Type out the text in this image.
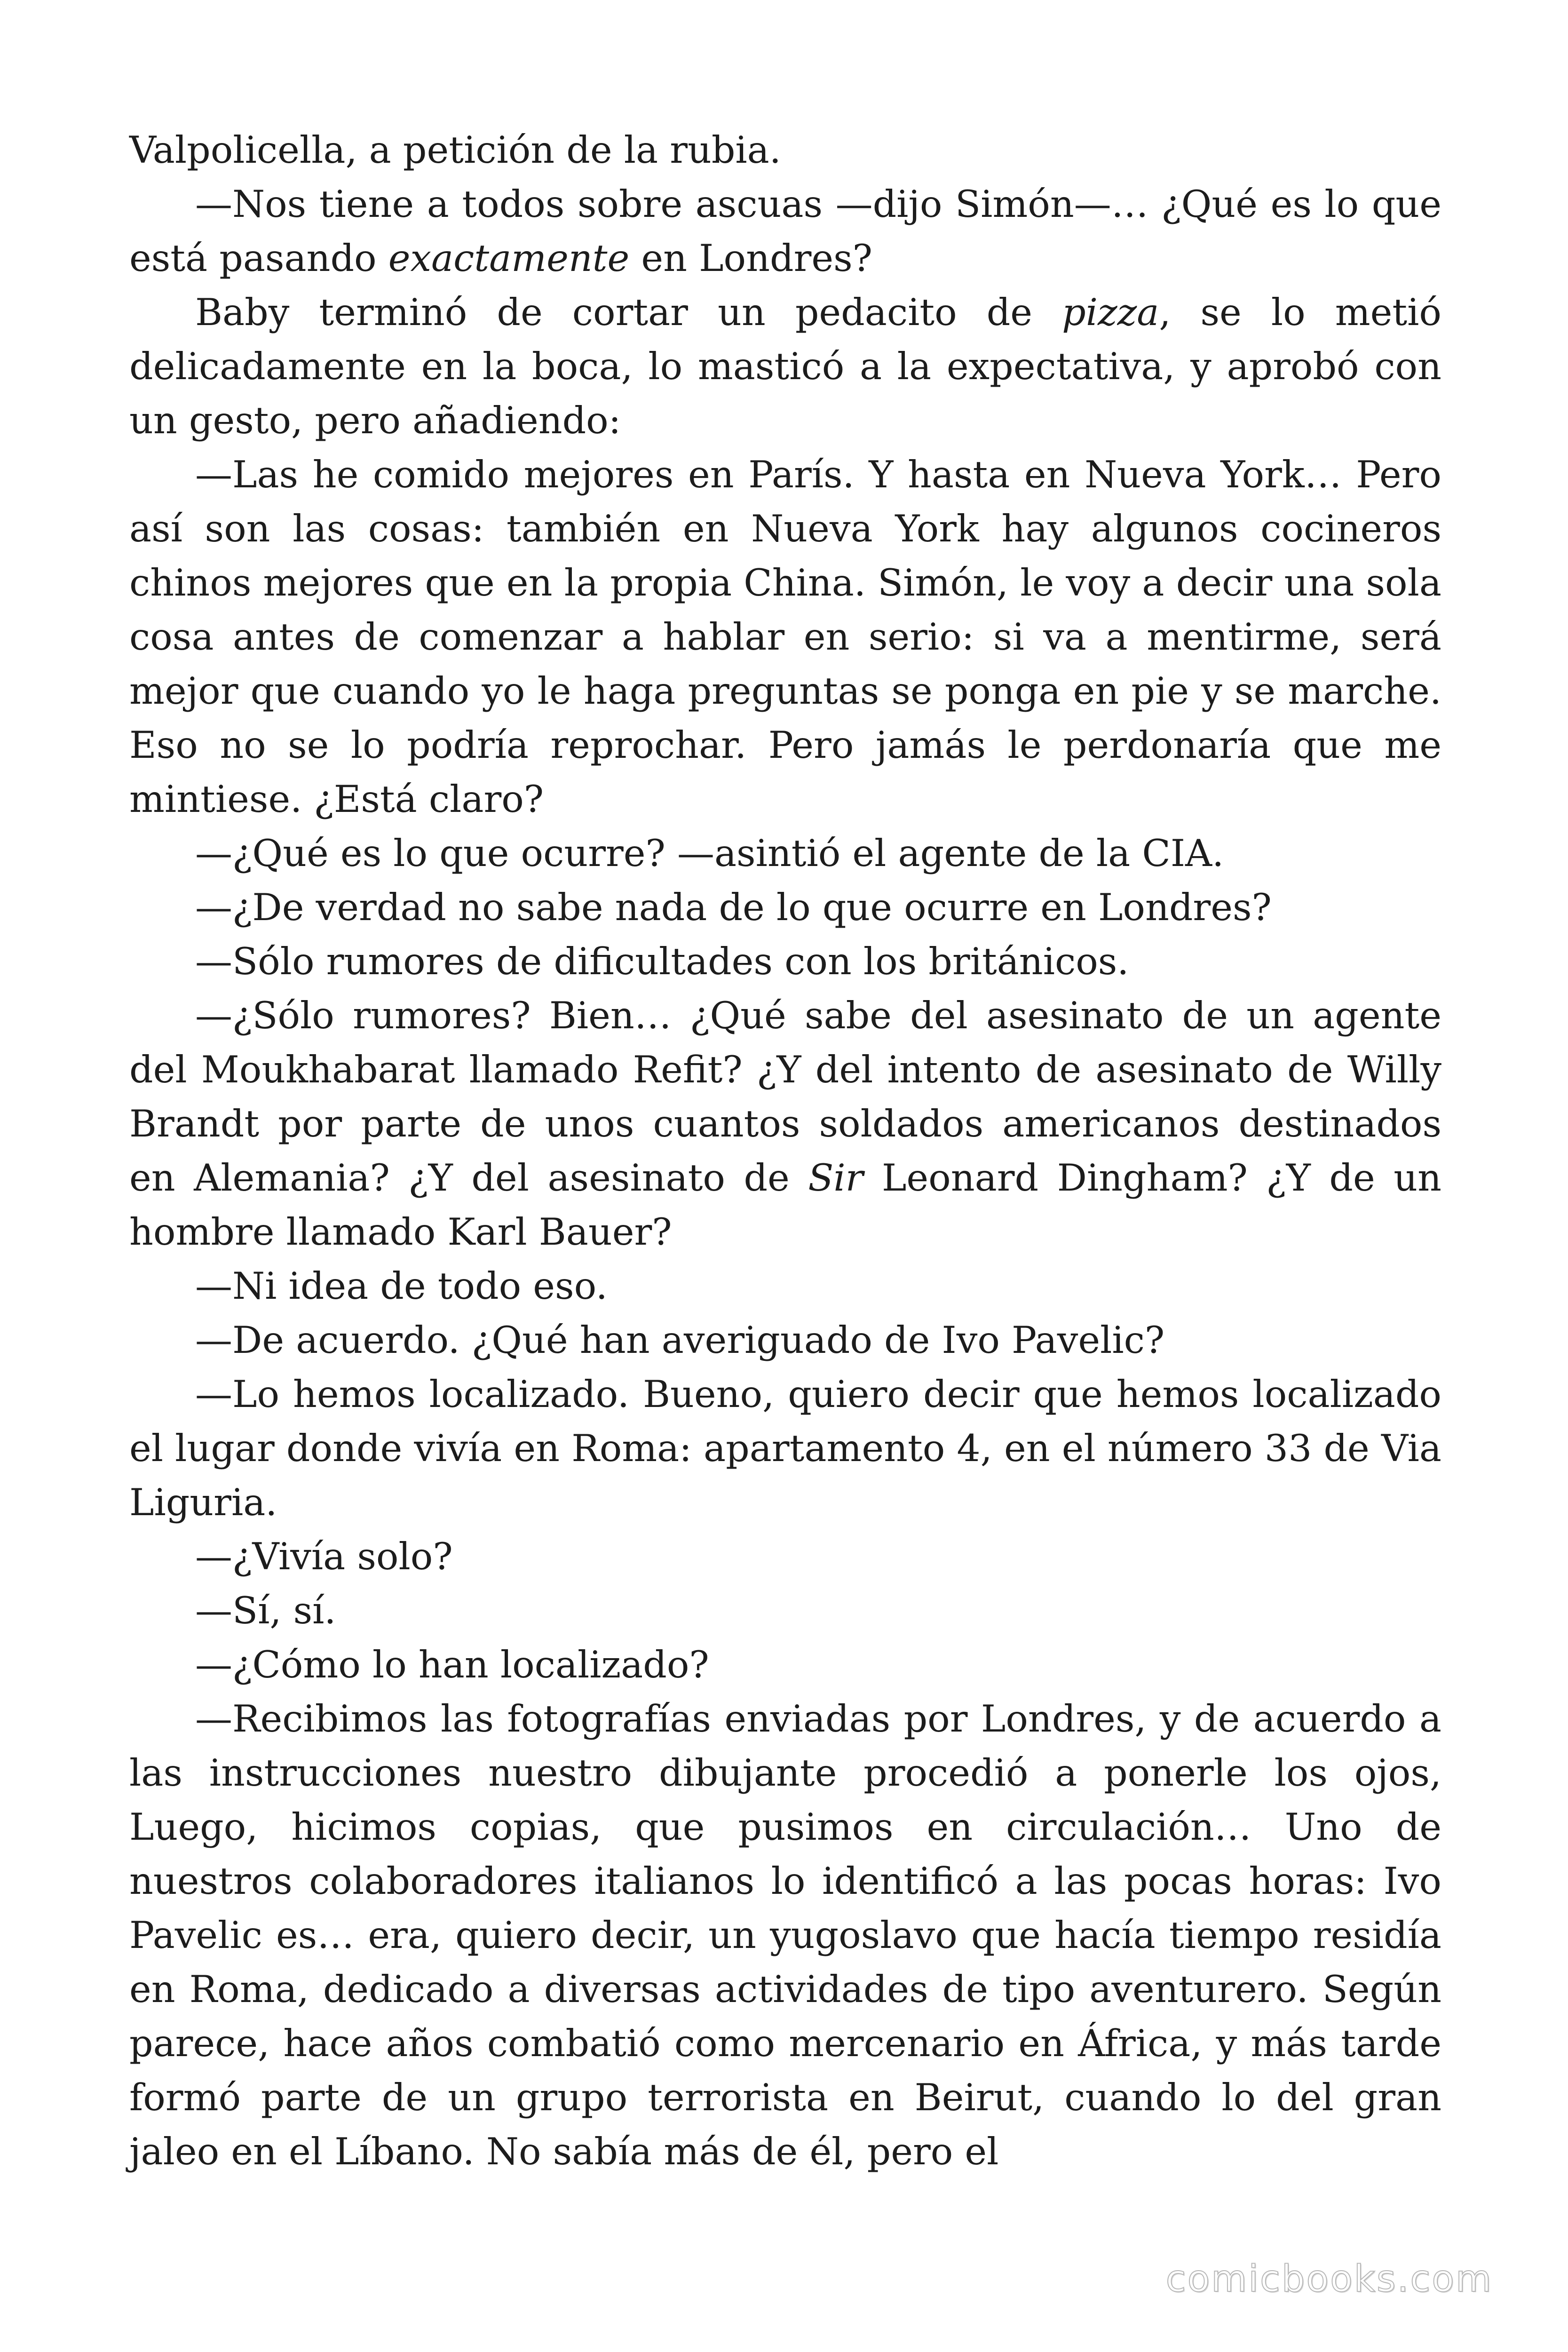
Valpolicella, a petición de la rubia.

—Nos tiene a todos sobre ascuas —dijo Simón—… ¿Qué es lo que está pasando exactamente en Londres?

Baby terminó de cortar un pedacito de pizza, se lo metió delicadamente en la boca, lo masticó a la expectativa, y aprobó con un gesto, pero añadiendo:

—Las he comido mejores en París. Y hasta en Nueva York… Pero así son las cosas: también en Nueva York hay algunos cocineros chinos mejores que en la propia China. Simón, le voy a decir una sola cosa antes de comenzar a hablar en serio: si va a mentirme, será mejor que cuando yo le haga preguntas se ponga en pie y se marche. Eso no se lo podría reprochar. Pero jamás le perdonaría que me mintiese. ¿Está claro?

—¿Qué es lo que ocurre? —asintió el agente de la CIA.

—¿De verdad no sabe nada de lo que ocurre en Londres?

—Sólo rumores de dificultades con los británicos.

—¿Sólo rumores? Bien… ¿Qué sabe del asesinato de un agente del Moukhabarat llamado Refit? ¿Y del intento de asesinato de Willy Brandt por parte de unos cuantos soldados americanos destinados en Alemania? ¿Y del asesinato de Sir Leonard Dingham? ¿Y de un hombre llamado Karl Bauer?

—Ni idea de todo eso.

—De acuerdo. ¿Qué han averiguado de Ivo Pavelic?

—Lo hemos localizado. Bueno, quiero decir que hemos localizado el lugar donde vivía en Roma: apartamento 4, en el número 33 de Via Liguria.

—¿Vivía solo?

—Sí, sí.

—¿Cómo lo han localizado?

—Recibimos las fotografías enviadas por Londres, y de acuerdo a las instrucciones nuestro dibujante procedió a ponerle los ojos, Luego, hicimos copias, que pusimos en circulación… Uno de nuestros colaboradores italianos lo identificó a las pocas horas: Ivo Pavelic es… era, quiero decir, un yugoslavo que hacía tiempo residía en Roma, dedicado a diversas actividades de tipo aventurero. Según parece, hace años combatió como mercenario en África, y más tarde formó parte de un grupo terrorista en Beirut, cuando lo del gran jaleo en el Líbano. No sabía más de él, pero el

comicbooks.com
